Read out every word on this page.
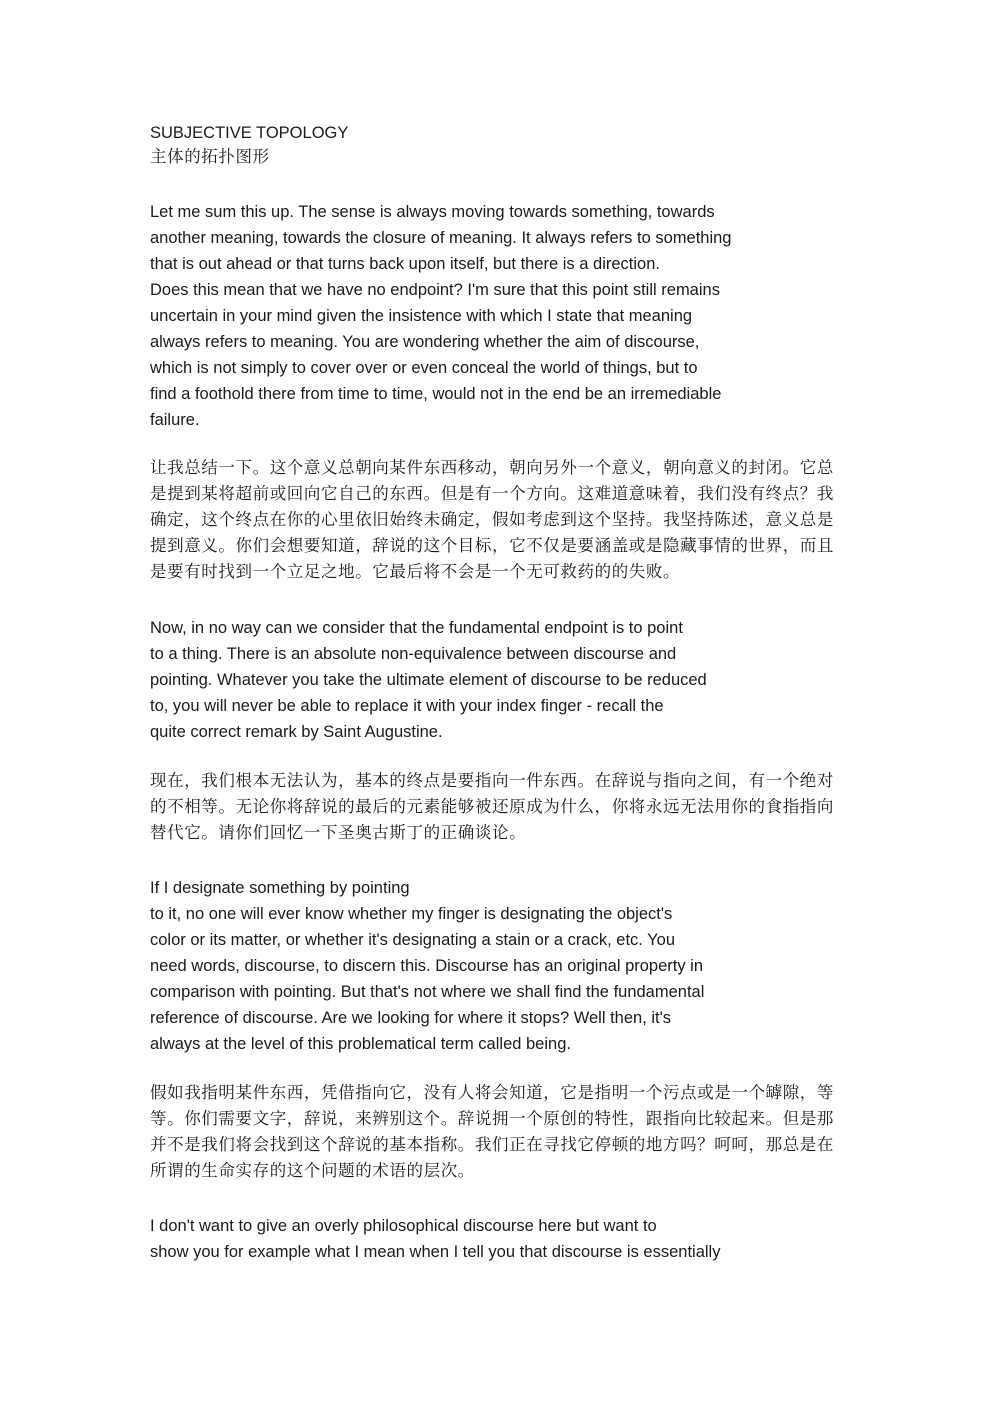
SUBJECTIVE TOPOLOGY
主体的拓扑图形
Let me sum this up. The sense is always moving towards something, towards
another meaning, towards the closure of meaning. It always refers to something
that is out ahead or that turns back upon itself, but there is a direction.
Does this mean that we have no endpoint? I'm sure that this point still remains
uncertain in your mind given the insistence with which I state that meaning
always refers to meaning. You are wondering whether the aim of discourse,
which is not simply to cover over or even conceal the world of things, but to
find a foothold there from time to time, would not in the end be an irremediable
failure.
让我总结一下。这个意义总朝向某件东西移动，朝向另外一个意义，朝向意义的封闭。它总
是提到某将超前或回向它自己的东西。但是有一个方向。这难道意味着，我们没有终点？我
确定，这个终点在你的心里依旧始终未确定，假如考虑到这个坚持。我坚持陈述，意义总是
提到意义。你们会想要知道，辞说的这个目标，它不仅是要涵盖或是隐藏事情的世界，而且
是要有时找到一个立足之地。它最后将不会是一个无可救药的的失败。
Now, in no way can we consider that the fundamental endpoint is to point
to a thing. There is an absolute non-equivalence between discourse and
pointing. Whatever you take the ultimate element of discourse to be reduced
to, you will never be able to replace it with your index finger - recall the
quite correct remark by Saint Augustine.
现在，我们根本无法认为，基本的终点是要指向一件东西。在辞说与指向之间，有一个绝对
的不相等。无论你将辞说的最后的元素能够被还原成为什么，你将永远无法用你的食指指向
替代它。请你们回忆一下圣奥古斯丁的正确谈论。
If I designate something by pointing
to it, no one will ever know whether my finger is designating the object's
color or its matter, or whether it's designating a stain or a crack, etc. You
need words, discourse, to discern this. Discourse has an original property in
comparison with pointing. But that's not where we shall find the fundamental
reference of discourse. Are we looking for where it stops? Well then, it's
always at the level of this problematical term called being.
假如我指明某件东西，凭借指向它，没有人将会知道，它是指明一个污点或是一个罅隙，等
等。你们需要文字，辞说，来辨别这个。辞说拥一个原创的特性，跟指向比较起来。但是那
并不是我们将会找到这个辞说的基本指称。我们正在寻找它停顿的地方吗？呵呵，那总是在
所谓的生命实存的这个问题的术语的层次。
I don't want to give an overly philosophical discourse here but want to
show you for example what I mean when I tell you that discourse is essentially
